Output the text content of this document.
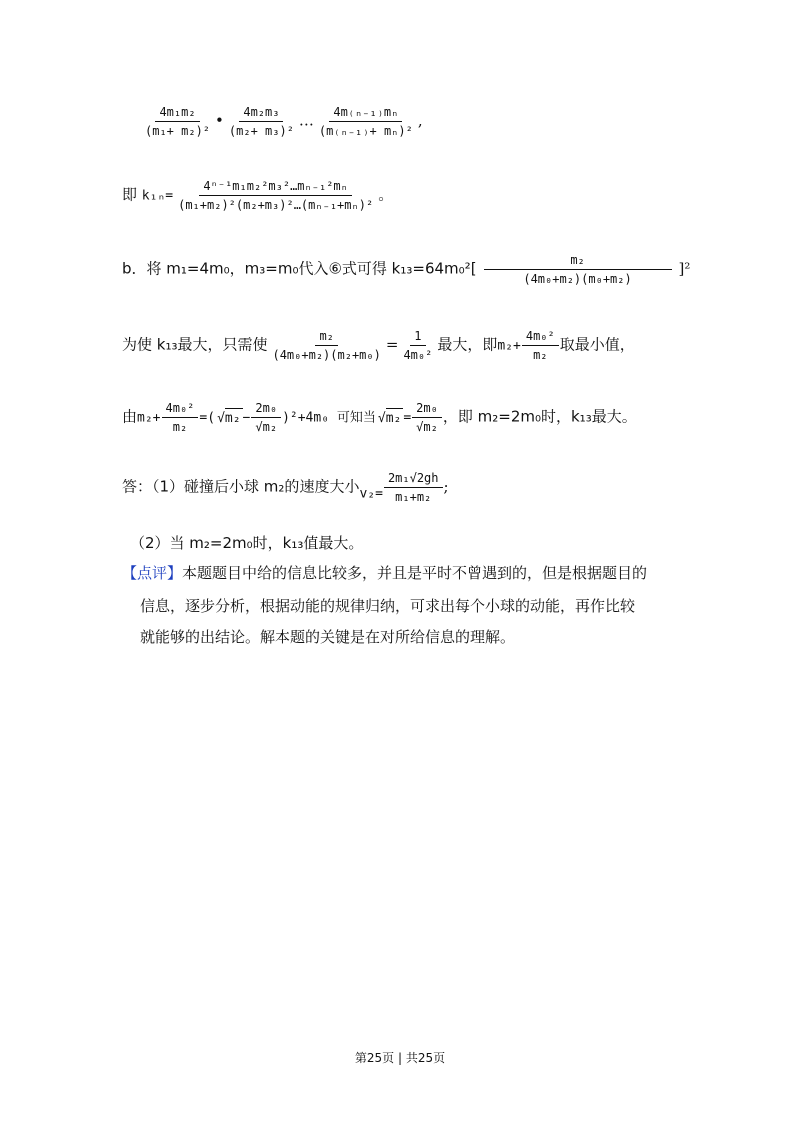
$\frac{\text{4m₁m₂}}{\text{(m₁+ m₂)²}}$ • $\frac{\text{4m₂m₃}}{\text{(m₂+ m₃)²}}$ … $\frac{\text{4m₍ₙ₋₁₎mₙ}}{\text{(m₍ₙ₋₁₎+ mₙ)²}}$ ,
即 $k_{1n}= \frac{\text{4ⁿ⁻¹m₁m₂²m₃²…mₙ₋₁²mₙ}}{\text{(m₁+m₂)²(m₂+m₃)²…(mₙ₋₁+mₙ)²}}$ 。
b．将 m₁=4m₀，m₃=m₀代入⑥式可得 $k_{13}=64m_0^2[ \frac{\text{m₂}}{\text{(4m₀+m₂)(m₀+m₂)}} ]^2$
为使 k₁₃最大，只需使 $\frac{\text{m₂}}{\text{(4m₀+m₂)(m₂+m₀)}} = \frac{1}{\text{4m₀²}}$ 最大，即$m_2+ \frac{\text{4m₀²}}{\text{m₂}}$ 取最小值，
由$m_2+ \frac{\text{4m₀²}}{\text{m₂}}$ =( √ $m_2 - \frac{\text{2m₀}}{\text{√m₂}} )^2+4m_0$ 可知当 √ $m_2 = \frac{\text{2m₀}}{\text{√m₂}}$ ，即 m₂=2m₀时，k₁₃最大。
答：（1）碰撞后小球 m₂的速度大小$v_2= \frac{\text{2m₁√2gh}}{\text{m₁+m₂}}$ ;
（2）当 m₂=2m₀时，k₁₃值最大。
【点评】本题题目中给的信息比较多，并且是平时不曾遇到的，但是根据题目的
信息，逐步分析，根据动能的规律归纳，可求出每个小球的动能，再作比较
就能够的出结论。解本题的关键是在对所给信息的理解。
第25页 | 共25页
